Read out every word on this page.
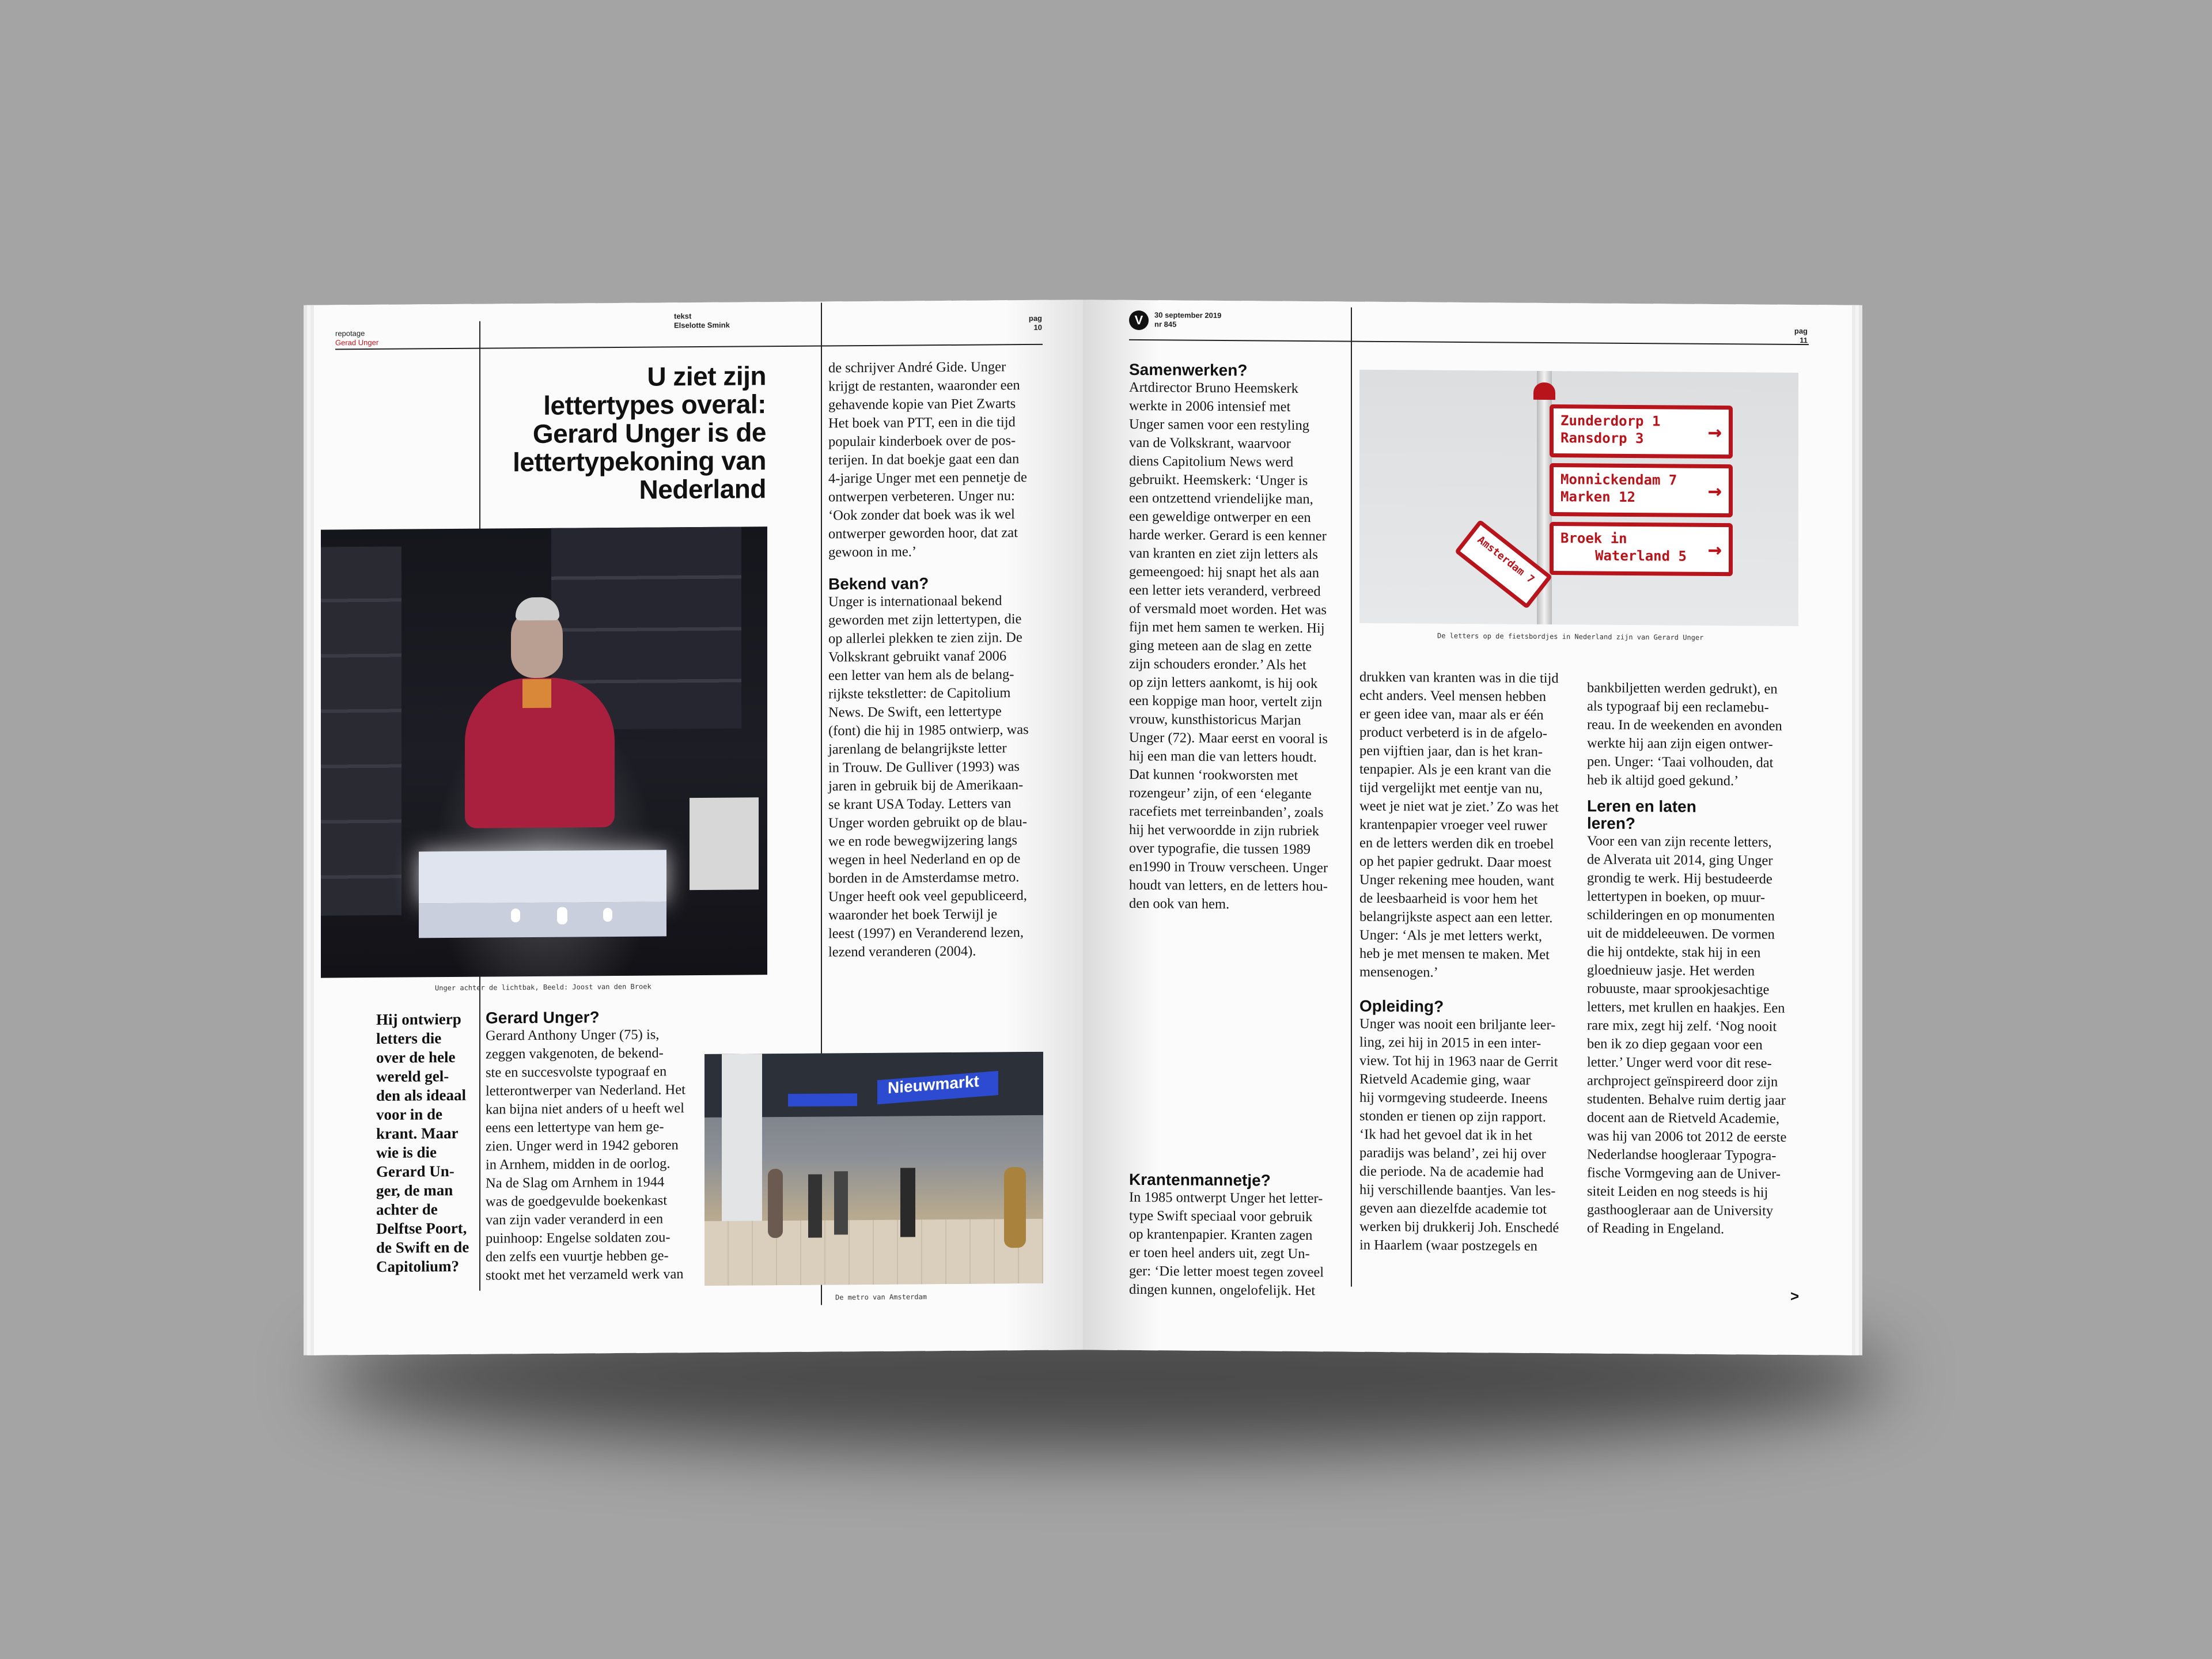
repotage
Gerad Unger
tekst
Elselotte Smink
pag
10
U ziet zijn
lettertypes overal:
Gerard Unger is de
lettertypekoning van
Nederland
Unger achter de lichtbak, Beeld: Joost van den Broek
Hij ontwierp
letters die
over de hele
wereld gel-
den als ideaal
voor in de
krant. Maar
wie is die
Gerard Un-
ger, de man
achter de
Delftse Poort,
de Swift en de
Capitolium?
Gerard Unger?
Gerard Anthony Unger (75) is,
zeggen vakgenoten, de bekend-
ste en succesvolste typograaf en
letterontwerper van Nederland. Het
kan bijna niet anders of u heeft wel
eens een lettertype van hem ge-
zien. Unger werd in 1942 geboren
in Arnhem, midden in de oorlog.
Na de Slag om Arnhem in 1944
was de goedgevulde boekenkast
van zijn vader veranderd in een
puinhoop: Engelse soldaten zou-
den zelfs een vuurtje hebben ge-
stookt met het verzameld werk van
de schrijver André Gide. Unger
krijgt de restanten, waaronder een
gehavende kopie van Piet Zwarts
Het boek van PTT, een in die tijd
populair kinderboek over de pos-
terijen. In dat boekje gaat een dan
4-jarige Unger met een pennetje de
ontwerpen verbeteren. Unger nu:
‘Ook zonder dat boek was ik wel
ontwerper geworden hoor, dat zat
gewoon in me.’
Bekend van?
Unger is internationaal bekend
geworden met zijn lettertypen, die
op allerlei plekken te zien zijn. De
Volkskrant gebruikt vanaf 2006
een letter van hem als de belang-
rijkste tekstletter: de Capitolium
News. De Swift, een lettertype
(font) die hij in 1985 ontwierp, was
jarenlang de belangrijkste letter
in Trouw. De Gulliver (1993) was
jaren in gebruik bij de Amerikaan-
se krant USA Today. Letters van
Unger worden gebruikt op de blau-
we en rode bewegwijzering langs
wegen in heel Nederland en op de
borden in de Amsterdamse metro.
Unger heeft ook veel gepubliceerd,
waaronder het boek Terwijl je
leest (1997) en Veranderend lezen,
lezend veranderen (2004).
Nieuwmarkt
De metro van Amsterdam
V	30 september 2019
nr 845
pag
11
Samenwerken?
Artdirector Bruno Heemskerk
werkte in 2006 intensief met
Unger samen voor een restyling
van de Volkskrant, waarvoor
diens Capitolium News werd
gebruikt. Heemskerk: ‘Unger is
een ontzettend vriendelijke man,
een geweldige ontwerper en een
harde werker. Gerard is een kenner
van kranten en ziet zijn letters als
gemeengoed: hij snapt het als aan
een letter iets veranderd, verbreed
of versmald moet worden. Het was
fijn met hem samen te werken. Hij
ging meteen aan de slag en zette
zijn schouders eronder.’ Als het
op zijn letters aankomt, is hij ook
een koppige man hoor, vertelt zijn
vrouw, kunsthistoricus Marjan
Unger (72). Maar eerst en vooral is
hij een man die van letters houdt.
Dat kunnen ‘rookworsten met
rozengeur’ zijn, of een ‘elegante
racefiets met terreinbanden’, zoals
hij het verwoordde in zijn rubriek
over typografie, die tussen 1989
en1990 in Trouw verscheen. Unger
houdt van letters, en de letters hou-
den ook van hem.
Zunderdorp 1
Ransdorp 3	→
Monnickendam 7
Marken 12	→
Broek in
Waterland 5 →
Amsterdam 7
De letters op de fietsbordjes in Nederland zijn van Gerard Unger
Krantenmannetje?
In 1985 ontwerpt Unger het letter-
type Swift speciaal voor gebruik
op krantenpapier. Kranten zagen
er toen heel anders uit, zegt Un-
ger: ‘Die letter moest tegen zoveel
dingen kunnen, ongelofelijk. Het
drukken van kranten was in die tijd
echt anders. Veel mensen hebben
er geen idee van, maar als er één
product verbeterd is in de afgelo-
pen vijftien jaar, dan is het kran-
tenpapier. Als je een krant van die
tijd vergelijkt met eentje van nu,
weet je niet wat je ziet.’ Zo was het
krantenpapier vroeger veel ruwer
en de letters werden dik en troebel
op het papier gedrukt. Daar moest
Unger rekening mee houden, want
de leesbaarheid is voor hem het
belangrijkste aspect aan een letter.
Unger: ‘Als je met letters werkt,
heb je met mensen te maken. Met
mensenogen.’
Opleiding?
Unger was nooit een briljante leer-
ling, zei hij in 2015 in een inter-
view. Tot hij in 1963 naar de Gerrit
Rietveld Academie ging, waar
hij vormgeving studeerde. Ineens
stonden er tienen op zijn rapport.
‘Ik had het gevoel dat ik in het
paradijs was beland’, zei hij over
die periode. Na de academie had
hij verschillende baantjes. Van les-
geven aan diezelfde academie tot
werken bij drukkerij Joh. Enschedé
in Haarlem (waar postzegels en
bankbiljetten werden gedrukt), en
als typograaf bij een reclamebu-
reau. In de weekenden en avonden
werkte hij aan zijn eigen ontwer-
pen. Unger: ‘Taai volhouden, dat
heb ik altijd goed gekund.’
Leren en laten
leren?
Voor een van zijn recente letters,
de Alverata uit 2014, ging Unger
grondig te werk. Hij bestudeerde
lettertypen in boeken, op muur-
schilderingen en op monumenten
uit de middeleeuwen. De vormen
die hij ontdekte, stak hij in een
gloednieuw jasje. Het werden
robuuste, maar sprookjesachtige
letters, met krullen en haakjes. Een
rare mix, zegt hij zelf. ‘Nog nooit
ben ik zo diep gegaan voor een
letter.’ Unger werd voor dit rese-
archproject geïnspireerd door zijn
studenten. Behalve ruim dertig jaar
docent aan de Rietveld Academie,
was hij van 2006 tot 2012 de eerste
Nederlandse hoogleraar Typogra-
fische Vormgeving aan de Univer-
siteit Leiden en nog steeds is hij
gasthoogleraar aan de University
of Reading in Engeland.
>
